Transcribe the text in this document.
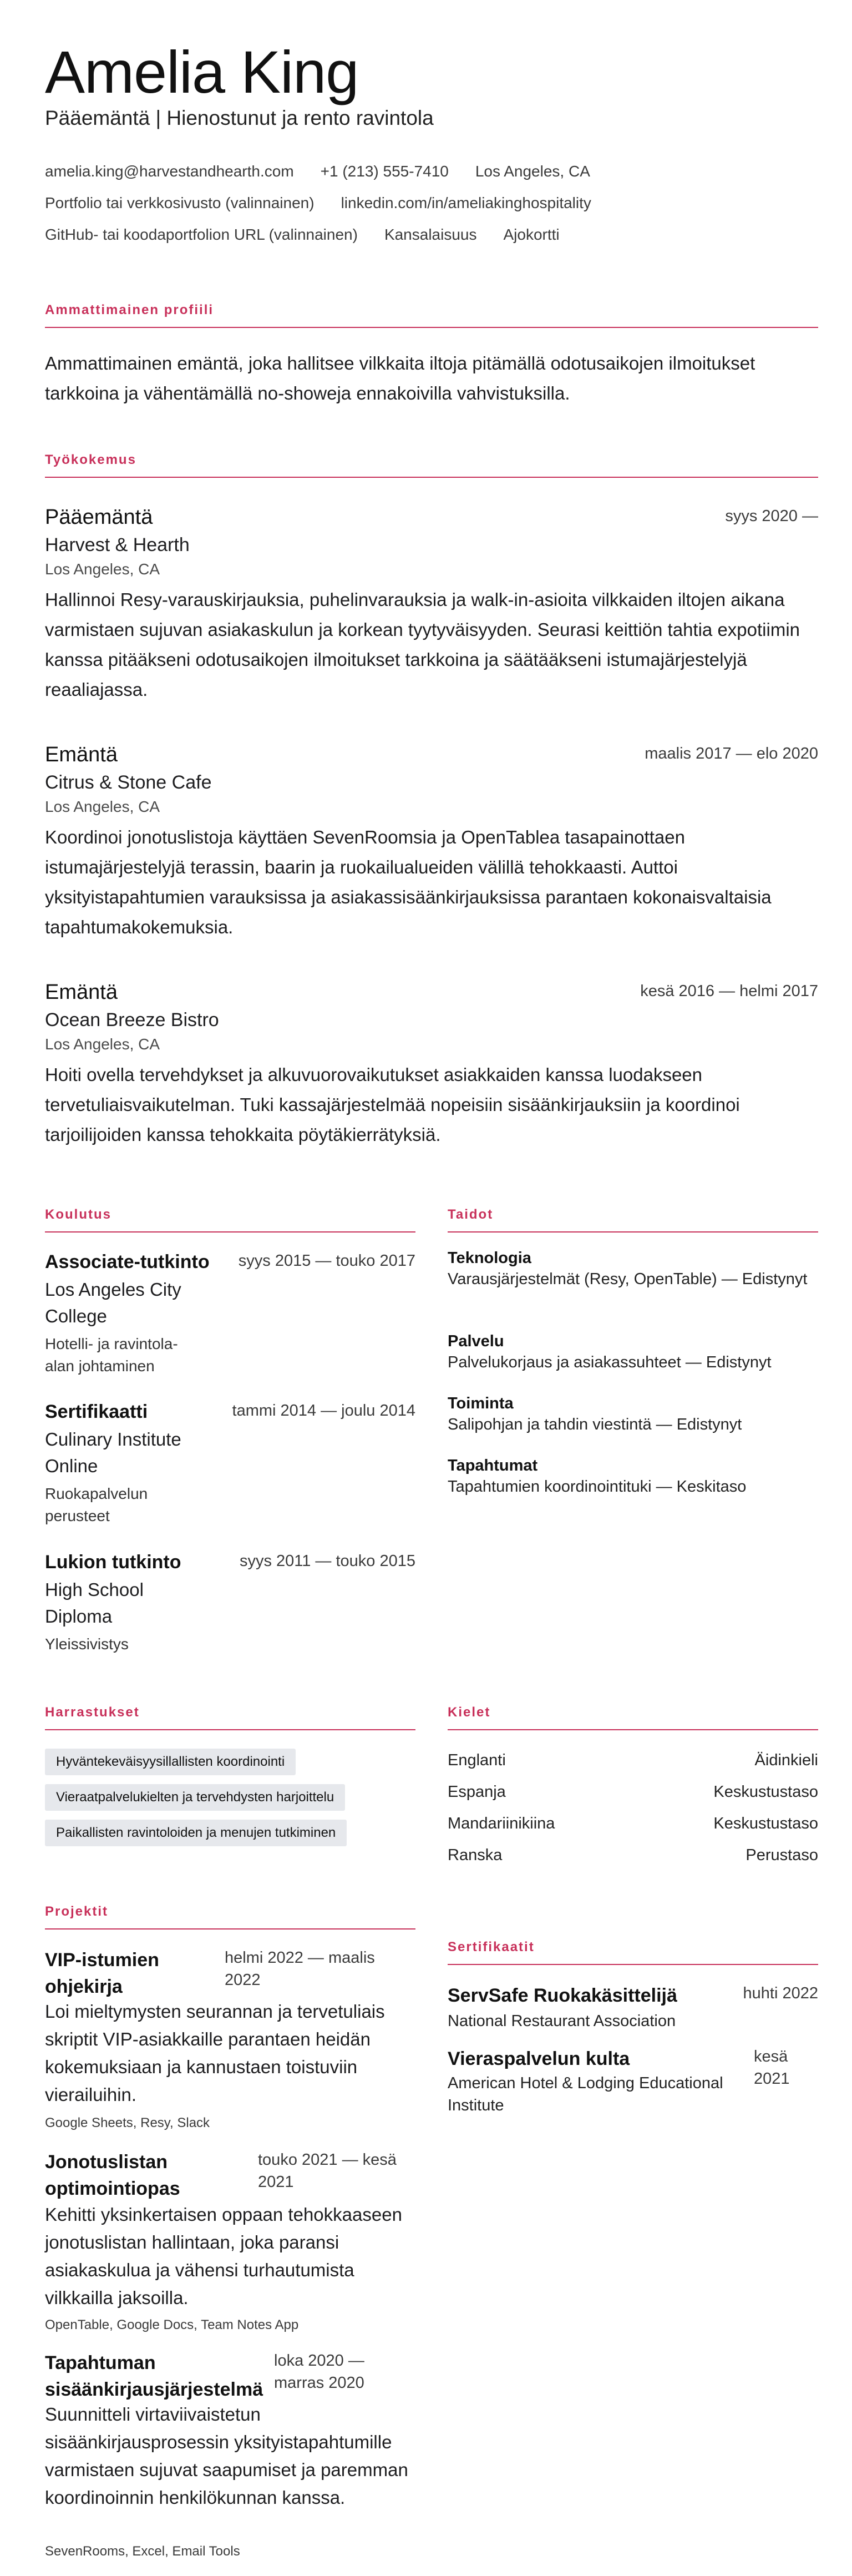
Amelia King
Pääemäntä | Hienostunut ja rento ravintola
amelia.king@harvestandhearth.com +1 (213) 555-7410 Los Angeles, CA
Portfolio tai verkkosivusto (valinnainen) linkedin.com/in/ameliakinghospitality
GitHub- tai koodaportfolion URL (valinnainen) Kansalaisuus Ajokortti
Ammattimainen profiili
Ammattimainen emäntä, joka hallitsee vilkkaita iltoja pitämällä odotusaikojen ilmoitukset tarkkoina ja vähentämällä no-showeja ennakoivilla vahvistuksilla.
Työkokemus
Pääemäntä	syys 2020 —
Harvest & Hearth
Los Angeles, CA
Hallinnoi Resy-varauskirjauksia, puhelinvarauksia ja walk-in-asioita vilkkaiden iltojen aikana varmistaen sujuvan asiakaskulun ja korkean tyytyväisyyden. Seurasi keittiön tahtia expotiimin kanssa pitääkseni odotusaikojen ilmoitukset tarkkoina ja säätääkseni istumajärjestelyjä reaaliajassa.
Emäntä	maalis 2017 — elo 2020
Citrus & Stone Cafe
Los Angeles, CA
Koordinoi jonotuslistoja käyttäen SevenRoomsia ja OpenTablea tasapainottaen istumajärjestelyjä terassin, baarin ja ruokailualueiden välillä tehokkaasti. Auttoi yksityistapahtumien varauksissa ja asiakassisäänkirjauksissa parantaen kokonaisvaltaisia tapahtumakokemuksia.
Emäntä	kesä 2016 — helmi 2017
Ocean Breeze Bistro
Los Angeles, CA
Hoiti ovella tervehdykset ja alkuvuorovaikutukset asiakkaiden kanssa luodakseen tervetuliaisvaikutelman. Tuki kassajärjestelmää nopeisiin sisäänkirjauksiin ja koordinoi tarjoilijoiden kanssa tehokkaita pöytäkierrätyksiä.
Koulutus
Associate-tutkinto syys 2015 — touko 2017
Los Angeles City College
Hotelli- ja ravintola-alan johtaminen
Sertifikaatti	tammi 2014 — joulu 2014
Culinary Institute Online
Ruokapalvelun perusteet
Lukion tutkinto	syys 2011 — touko 2015
High School Diploma
Yleissivistys
Taidot
Teknologia
Varausjärjestelmät (Resy, OpenTable) — Edistynyt
Palvelu
Palvelukorjaus ja asiakassuhteet — Edistynyt
Toiminta
Salipohjan ja tahdin viestintä — Edistynyt
Tapahtumat
Tapahtumien koordinointituki — Keskitaso
Harrastukset
Hyväntekeväisyysillallisten koordinointi
Vieraatpalvelukielten ja tervehdysten harjoittelu
Paikallisten ravintoloiden ja menujen tutkiminen
Kielet
Englanti	Äidinkieli
Espanja	Keskustustaso
Mandariinikiina	Keskustustaso
Ranska	Perustaso
Projektit
VIP-istumien
ohjekirja
helmi 2022 — maalis
2022
Loi mieltymysten seurannan ja tervetuliais skriptit VIP-asiakkaille parantaen heidän kokemuksiaan ja kannustaen toistuviin vierailuihin.
Google Sheets, Resy, Slack
Jonotuslistan
optimointiopas
touko 2021 — kesä
2021
Kehitti yksinkertaisen oppaan tehokkaaseen jonotuslistan hallintaan, joka paransi asiakaskulua ja vähensi turhautumista vilkkailla jaksoilla.
OpenTable, Google Docs, Team Notes App
Tapahtuman
sisäänkirjausjärjestelmä
loka 2020 —
marras 2020
Suunnitteli virtaviivaistetun sisäänkirjausprosessin yksityistapahtumille varmistaen sujuvat saapumiset ja paremman koordinoinnin henkilökunnan kanssa.
SevenRooms, Excel, Email Tools
Sertifikaatit
ServSafe Ruokakäsittelijä	huhti 2022
National Restaurant Association
Vieraspalvelun kulta	kesä
2021
American Hotel & Lodging Educational
Institute
